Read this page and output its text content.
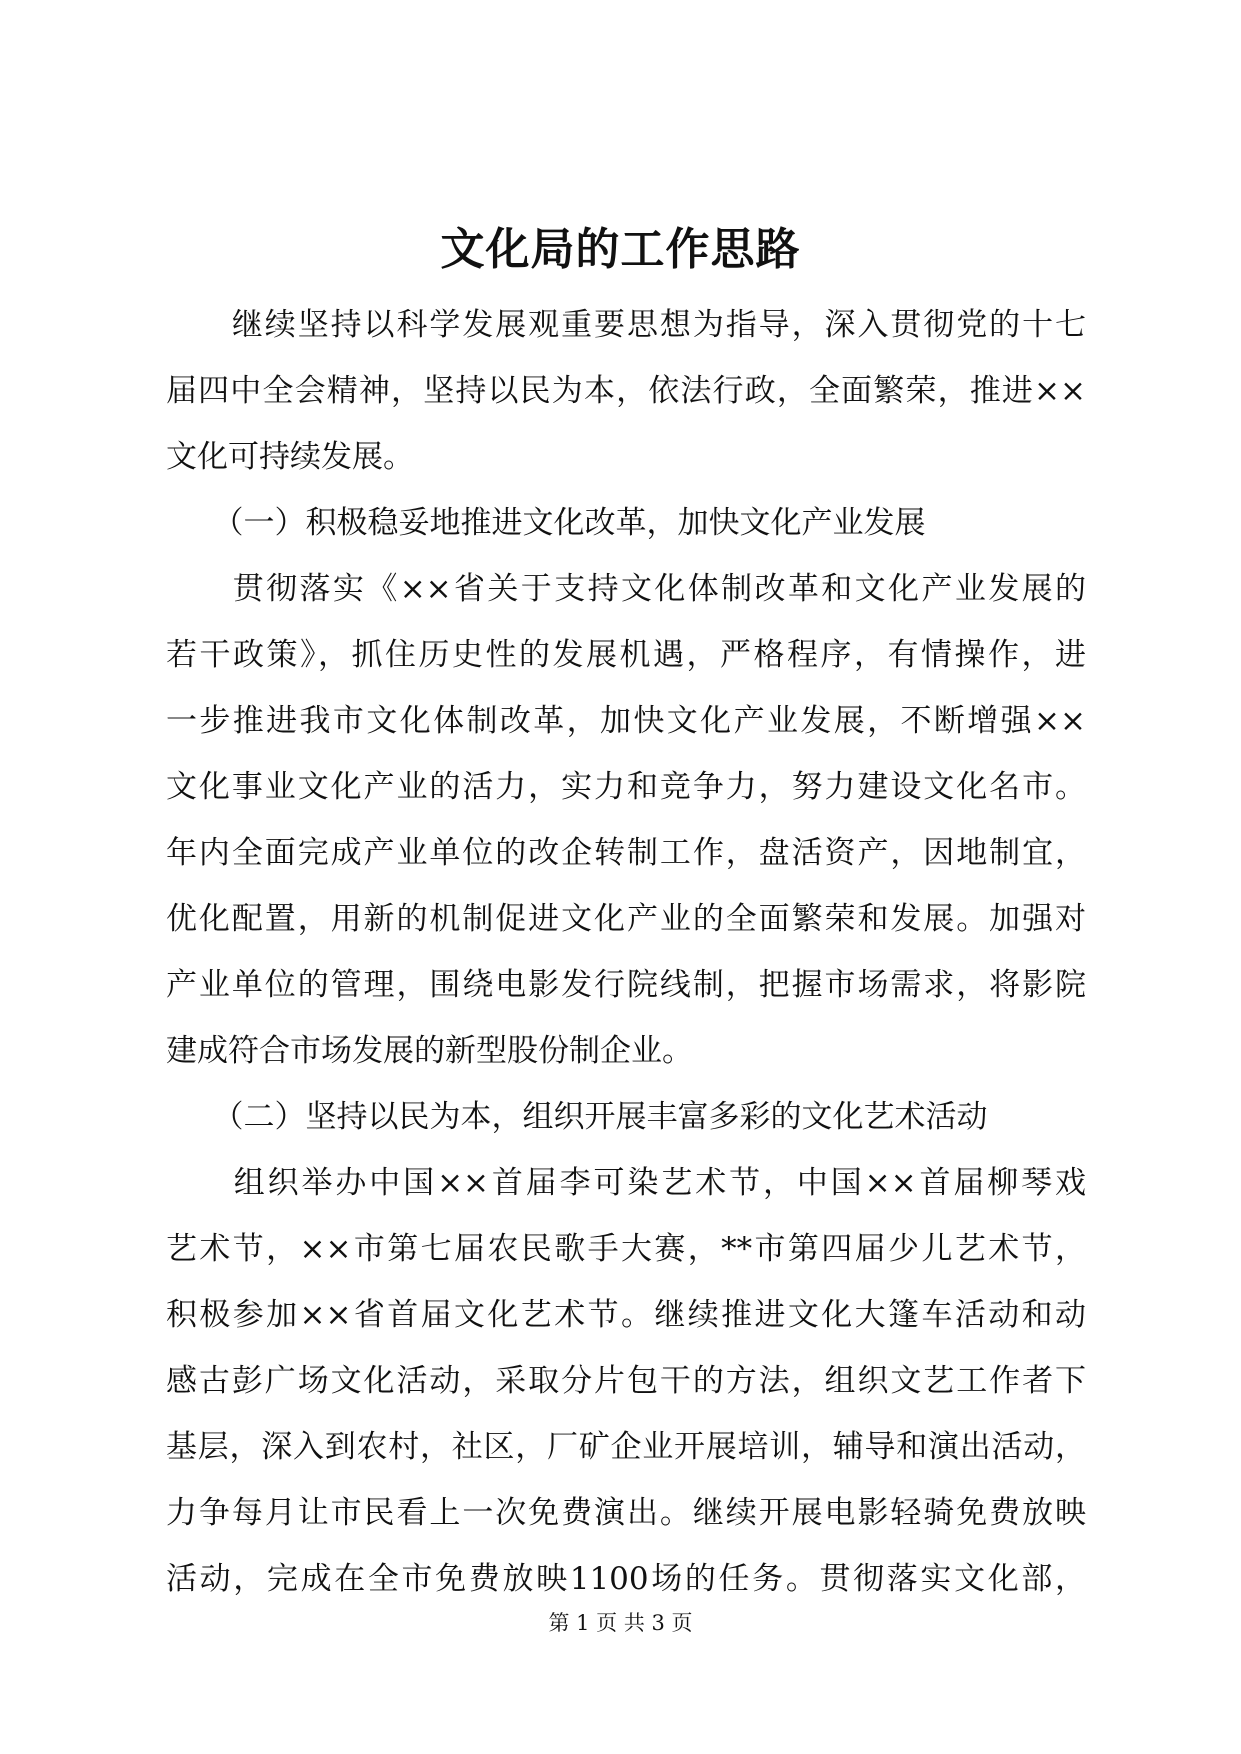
文化局的工作思路
　　继续坚持以科学发展观重要思想为指导，深入贯彻党的十七
届四中全会精神，坚持以民为本，依法行政，全面繁荣，推进××
文化可持续发展。
　　（一）积极稳妥地推进文化改革，加快文化产业发展
　　贯彻落实《××省关于支持文化体制改革和文化产业发展的
若干政策》，抓住历史性的发展机遇，严格程序，有情操作，进
一步推进我市文化体制改革，加快文化产业发展，不断增强××
文化事业文化产业的活力，实力和竞争力，努力建设文化名市。
年内全面完成产业单位的改企转制工作，盘活资产，因地制宜，
优化配置，用新的机制促进文化产业的全面繁荣和发展。加强对
产业单位的管理，围绕电影发行院线制，把握市场需求，将影院
建成符合市场发展的新型股份制企业。
　　（二）坚持以民为本，组织开展丰富多彩的文化艺术活动
　　组织举办中国××首届李可染艺术节，中国××首届柳琴戏
艺术节，××市第七届农民歌手大赛，**市第四届少儿艺术节，
积极参加××省首届文化艺术节。继续推进文化大篷车活动和动
感古彭广场文化活动，采取分片包干的方法，组织文艺工作者下
基层，深入到农村，社区，厂矿企业开展培训，辅导和演出活动，
力争每月让市民看上一次免费演出。继续开展电影轻骑免费放映
活动，完成在全市免费放映1100场的任务。贯彻落实文化部，
第 1 页 共 3 页
